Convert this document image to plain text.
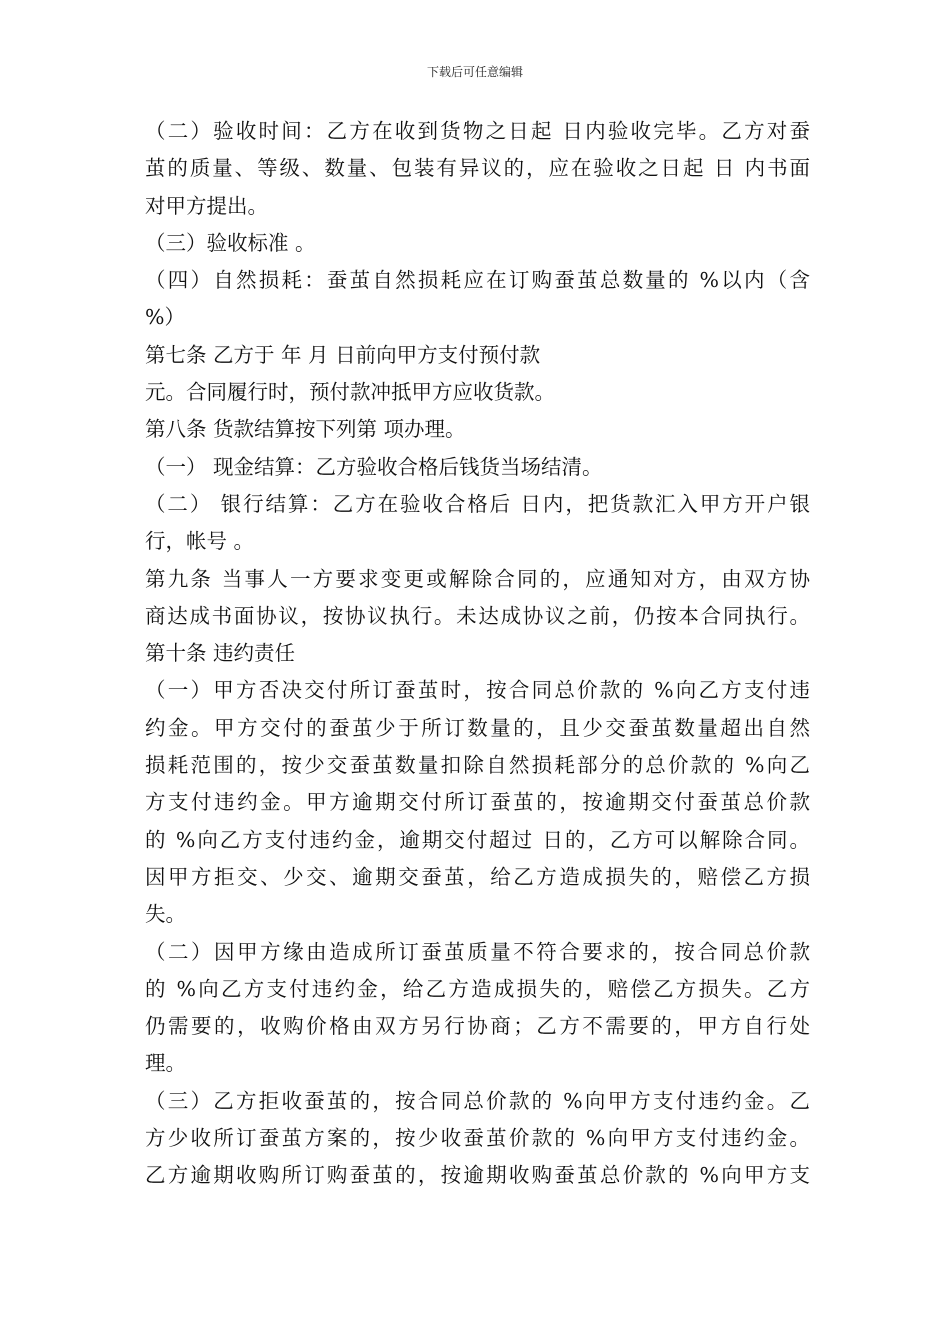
下载后可任意编辑
（二）验收时间：乙方在收到货物之日起 日内验收完毕。乙方对蚕
茧的质量、等级、数量、包装有异议的，应在验收之日起 日 内书面
对甲方提出。
（三）验收标准 。
（四）自然损耗：蚕茧自然损耗应在订购蚕茧总数量的 %以内（含
%）
第七条 乙方于 年 月 日前向甲方支付预付款
元。合同履行时，预付款冲抵甲方应收货款。
第八条 货款结算按下列第 项办理。
（一） 现金结算：乙方验收合格后钱货当场结清。
（二） 银行结算：乙方在验收合格后 日内，把货款汇入甲方开户银
行，帐号 。
第九条 当事人一方要求变更或解除合同的，应通知对方，由双方协
商达成书面协议，按协议执行。未达成协议之前，仍按本合同执行。
第十条 违约责任
（一）甲方否决交付所订蚕茧时，按合同总价款的 %向乙方支付违
约金。甲方交付的蚕茧少于所订数量的，且少交蚕茧数量超出自然
损耗范围的，按少交蚕茧数量扣除自然损耗部分的总价款的 %向乙
方支付违约金。甲方逾期交付所订蚕茧的，按逾期交付蚕茧总价款
的 %向乙方支付违约金，逾期交付超过 日的，乙方可以解除合同。
因甲方拒交、少交、逾期交蚕茧，给乙方造成损失的，赔偿乙方损
失。
（二）因甲方缘由造成所订蚕茧质量不符合要求的，按合同总价款
的 %向乙方支付违约金，给乙方造成损失的，赔偿乙方损失。乙方
仍需要的，收购价格由双方另行协商；乙方不需要的，甲方自行处
理。
（三）乙方拒收蚕茧的，按合同总价款的 %向甲方支付违约金。乙
方少收所订蚕茧方案的，按少收蚕茧价款的 %向甲方支付违约金。
乙方逾期收购所订购蚕茧的，按逾期收购蚕茧总价款的 %向甲方支
